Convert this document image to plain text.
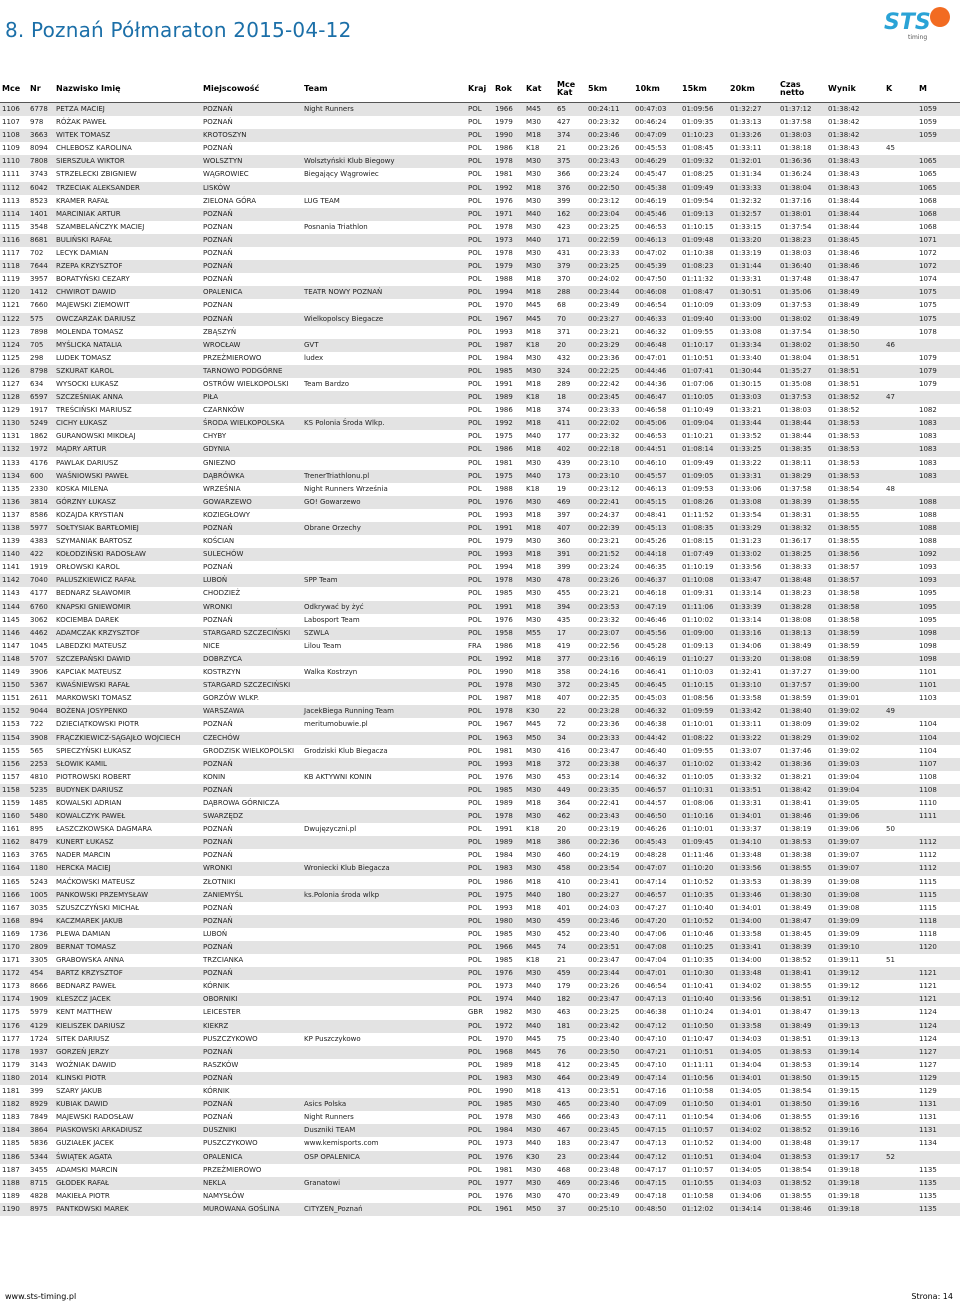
8. Poznań Półmaraton 2015-04-12	STS
timing
Mce	Nr	Nazwisko Imię	Miejscowość	Team	Kraj	Rok	Kat	Mce Kat	5km	10km	15km	20km	Czas netto	Wynik	K	M
1106	6778	PETZA MACIEJ	POZNAŃ	Night Runners	POL	1966	M45	65	00:24:11	00:47:03	01:09:56	01:32:27	01:37:12	01:38:42		1059
1107	978	RÓŻAK PAWEŁ	POZNAŃ		POL	1979	M30	427	00:23:32	00:46:24	01:09:35	01:33:13	01:37:58	01:38:42		1059
1108	3663	WITEK TOMASZ	KROTOSZYN		POL	1990	M18	374	00:23:46	00:47:09	01:10:23	01:33:26	01:38:03	01:38:42		1059
1109	8094	CHLEBOSZ KAROLINA	POZNAŃ		POL	1986	K18	21	00:23:26	00:45:53	01:08:45	01:33:11	01:38:18	01:38:43	45	
1110	7808	SIERSZUŁA WIKTOR	WOLSZTYN	Wolsztyński Klub Biegowy	POL	1978	M30	375	00:23:43	00:46:29	01:09:32	01:32:01	01:36:36	01:38:43		1065
1111	3743	STRZELECKI ZBIGNIEW	WĄGROWIEC	Biegający Wągrowiec	POL	1981	M30	366	00:23:24	00:45:47	01:08:25	01:31:34	01:36:24	01:38:43		1065
1112	6042	TRZECIAK ALEKSANDER	LISKÓW		POL	1992	M18	376	00:22:50	00:45:38	01:09:49	01:33:33	01:38:04	01:38:43		1065
1113	8523	KRAMER RAFAŁ	ZIELONA GÓRA	LUG TEAM	POL	1976	M30	399	00:23:12	00:46:19	01:09:54	01:32:32	01:37:16	01:38:44		1068
1114	1401	MARCINIAK ARTUR	POZNAŃ		POL	1971	M40	162	00:23:04	00:45:46	01:09:13	01:32:57	01:38:01	01:38:44		1068
1115	3548	SZAMBELAŃCZYK MACIEJ	POZNAN	Posnania Triathlon	POL	1978	M30	423	00:23:25	00:46:53	01:10:15	01:33:15	01:37:54	01:38:44		1068
1116	8681	BULIŃSKI RAFAŁ	POZNAŃ		POL	1973	M40	171	00:22:59	00:46:13	01:09:48	01:33:20	01:38:23	01:38:45		1071
1117	702	LECYK DAMIAN	POZNAŃ		POL	1978	M30	431	00:23:33	00:47:02	01:10:38	01:33:19	01:38:03	01:38:46		1072
1118	7644	RZEPA KRZYSZTOF	POZNAŃ		POL	1979	M30	379	00:23:25	00:45:39	01:08:23	01:31:44	01:36:40	01:38:46		1072
1119	3957	BORATYŃSKI CEZARY	POZNAŃ		POL	1988	M18	370	00:24:02	00:47:50	01:11:32	01:33:31	01:37:48	01:38:47		1074
1120	1412	CHWIROT DAWID	OPALENICA	TEATR NOWY POZNAŃ	POL	1994	M18	288	00:23:44	00:46:08	01:08:47	01:30:51	01:35:06	01:38:49		1075
1121	7660	MAJEWSKI ZIEMOWIT	POZNAN		POL	1970	M45	68	00:23:49	00:46:54	01:10:09	01:33:09	01:37:53	01:38:49		1075
1122	575	OWCZARZAK DARIUSZ	POZNAŃ	Wielkopolscy Biegacze	POL	1967	M45	70	00:23:27	00:46:33	01:09:40	01:33:00	01:38:02	01:38:49		1075
1123	7898	MOLENDA TOMASZ	ZBĄSZYŃ		POL	1993	M18	371	00:23:21	00:46:32	01:09:55	01:33:08	01:37:54	01:38:50		1078
1124	705	MYŚLICKA NATALIA	WROCŁAW	GVT	POL	1987	K18	20	00:23:29	00:46:48	01:10:17	01:33:34	01:38:02	01:38:50	46	
1125	298	LUDEK TOMASZ	PRZEŹMIEROWO	ludex	POL	1984	M30	432	00:23:36	00:47:01	01:10:51	01:33:40	01:38:04	01:38:51		1079
1126	8798	SZKURAT KAROL	TARNOWO PODGÓRNE		POL	1985	M30	324	00:22:25	00:44:46	01:07:41	01:30:44	01:35:27	01:38:51		1079
1127	634	WYSOCKI ŁUKASZ	OSTRÓW WIELKOPOLSKI	Team Bardzo	POL	1991	M18	289	00:22:42	00:44:36	01:07:06	01:30:15	01:35:08	01:38:51		1079
1128	6597	SZCZEŚNIAK ANNA	PIŁA		POL	1989	K18	18	00:23:45	00:46:47	01:10:05	01:33:03	01:37:53	01:38:52	47	
1129	1917	TREŚCIŃSKI MARIUSZ	CZARNKÓW		POL	1986	M18	374	00:23:33	00:46:58	01:10:49	01:33:21	01:38:03	01:38:52		1082
1130	5249	CICHY ŁUKASZ	ŚRODA WIELKOPOLSKA	KS Polonia Środa Wlkp.	POL	1992	M18	411	00:22:02	00:45:06	01:09:04	01:33:44	01:38:44	01:38:53		1083
1131	1862	GURANOWSKI MIKOŁAJ	CHYBY		POL	1975	M40	177	00:23:32	00:46:53	01:10:21	01:33:52	01:38:44	01:38:53		1083
1132	1972	MĄDRY ARTUR	GDYNIA		POL	1986	M18	402	00:22:18	00:44:51	01:08:14	01:33:25	01:38:35	01:38:53		1083
1133	4176	PAWLAK DARIUSZ	GNIEZNO		POL	1981	M30	439	00:23:10	00:46:10	01:09:49	01:33:22	01:38:11	01:38:53		1083
1134	600	WAŚNIOWSKI PAWEŁ	DĄBRÓWKA	TrenerTriathlonu.pl	POL	1975	M40	173	00:23:10	00:45:57	01:09:05	01:33:31	01:38:29	01:38:53		1083
1135	2330	KOSKA MILENA	WRZEŚNIA	Night Runners Września	POL	1988	K18	19	00:23:12	00:46:13	01:09:53	01:33:06	01:37:58	01:38:54	48	
1136	3814	GÓRZNY ŁUKASZ	GOWARZEWO	GO! Gowarzewo	POL	1976	M30	469	00:22:41	00:45:15	01:08:26	01:33:08	01:38:39	01:38:55		1088
1137	8586	KOZAJDA KRYSTIAN	KOZIEGŁOWY		POL	1993	M18	397	00:24:37	00:48:41	01:11:52	01:33:54	01:38:31	01:38:55		1088
1138	5977	SOŁTYSIAK BARTŁOMIEJ	POZNAŃ	Obrane Orzechy	POL	1991	M18	407	00:22:39	00:45:13	01:08:35	01:33:29	01:38:32	01:38:55		1088
1139	4383	SZYMANIAK BARTOSZ	KOŚCIAN		POL	1979	M30	360	00:23:21	00:45:26	01:08:15	01:31:23	01:36:17	01:38:55		1088
1140	422	KOŁODZIŃSKI RADOSŁAW	SULECHÓW		POL	1993	M18	391	00:21:52	00:44:18	01:07:49	01:33:02	01:38:25	01:38:56		1092
1141	1919	ORŁOWSKI KAROL	POZNAŃ		POL	1994	M18	399	00:23:24	00:46:35	01:10:19	01:33:56	01:38:33	01:38:57		1093
1142	7040	PALUSZKIEWICZ RAFAŁ	LUBOŃ	SPP Team	POL	1978	M30	478	00:23:26	00:46:37	01:10:08	01:33:47	01:38:48	01:38:57		1093
1143	4177	BEDNARZ SŁAWOMIR	CHODZIEŻ		POL	1985	M30	455	00:23:21	00:46:18	01:09:31	01:33:14	01:38:23	01:38:58		1095
1144	6760	KNAPSKI GNIEWOMIR	WRONKI	Odkrywać by żyć	POL	1991	M18	394	00:23:53	00:47:19	01:11:06	01:33:39	01:38:28	01:38:58		1095
1145	3062	KOCIEMBA DAREK	POZNAŃ	Labosport Team	POL	1976	M30	435	00:23:32	00:46:46	01:10:02	01:33:14	01:38:08	01:38:58		1095
1146	4462	ADAMCZAK KRZYSZTOF	STARGARD SZCZECIŃSKI	SZWLA	POL	1958	M55	17	00:23:07	00:45:56	01:09:00	01:33:16	01:38:13	01:38:59		1098
1147	1045	LABEDZKI MATEUSZ	NICE	Lilou Team	FRA	1986	M18	419	00:22:56	00:45:28	01:09:13	01:34:06	01:38:49	01:38:59		1098
1148	5707	SZCZEPAŃSKI DAWID	DOBRZYCA		POL	1992	M18	377	00:23:16	00:46:19	01:10:27	01:33:20	01:38:08	01:38:59		1098
1149	3906	KAPCIAK MATEUSZ	KOSTRZYN	Walka Kostrzyn	POL	1990	M18	358	00:24:16	00:46:41	01:10:03	01:32:41	01:37:27	01:39:00		1101
1150	5367	KWAŚNIEWSKI RAFAŁ	STARGARD SZCZECIŃSKI		POL	1978	M30	372	00:23:45	00:46:45	01:10:15	01:33:10	01:37:57	01:39:00		1101
1151	2611	MARKOWSKI TOMASZ	GORZÓW WLKP.		POL	1987	M18	407	00:22:35	00:45:03	01:08:56	01:33:58	01:38:59	01:39:01		1103
1152	9044	BOŻENA JOSYPENKO	WARSZAWA	JacekBiega Running Team	POL	1978	K30	22	00:23:28	00:46:32	01:09:59	01:33:42	01:38:40	01:39:02	49	
1153	722	DZIECIĄTKOWSKI PIOTR	POZNAŃ	meritumobuwie.pl	POL	1967	M45	72	00:23:36	00:46:38	01:10:01	01:33:11	01:38:09	01:39:02		1104
1154	3908	FRĄCZKIEWICZ-SĄGAJŁO WOJCIECH	CZECHÓW		POL	1963	M50	34	00:23:33	00:44:42	01:08:22	01:33:22	01:38:29	01:39:02		1104
1155	565	SPIECZYŃSKI ŁUKASZ	GRODZISK WIELKOPOLSKI	Grodziski Klub Biegacza	POL	1981	M30	416	00:23:47	00:46:40	01:09:55	01:33:07	01:37:46	01:39:02		1104
1156	2253	SŁOWIK KAMIL	POZNAŃ		POL	1993	M18	372	00:23:38	00:46:37	01:10:02	01:33:42	01:38:36	01:39:03		1107
1157	4810	PIOTROWSKI ROBERT	KONIN	KB AKTYWNI KONIN	POL	1976	M30	453	00:23:14	00:46:32	01:10:05	01:33:32	01:38:21	01:39:04		1108
1158	5235	BUDYNEK DARIUSZ	POZNAŃ		POL	1985	M30	449	00:23:35	00:46:57	01:10:31	01:33:51	01:38:42	01:39:04		1108
1159	1485	KOWALSKI ADRIAN	DĄBROWA GÓRNICZA		POL	1989	M18	364	00:22:41	00:44:57	01:08:06	01:33:31	01:38:41	01:39:05		1110
1160	5480	KOWALCZYK PAWEŁ	SWARZĘDZ		POL	1978	M30	462	00:23:43	00:46:50	01:10:16	01:34:01	01:38:46	01:39:06		1111
1161	895	ŁASZCZKOWSKA DAGMARA	POZNAŃ	Dwujęzyczni.pl	POL	1991	K18	20	00:23:19	00:46:26	01:10:01	01:33:37	01:38:19	01:39:06	50	
1162	8479	KUNERT ŁUKASZ	POZNAŃ		POL	1989	M18	386	00:22:36	00:45:43	01:09:45	01:34:10	01:38:53	01:39:07		1112
1163	3765	NADER MARCIN	POZNAŃ		POL	1984	M30	460	00:24:19	00:48:28	01:11:46	01:33:48	01:38:38	01:39:07		1112
1164	1180	HERCKA MACIEJ	WRONKI	Wroniecki Klub Biegacza	POL	1983	M30	458	00:23:54	00:47:07	01:10:20	01:33:56	01:38:55	01:39:07		1112
1165	5243	MAĆKOWSKI MATEUSZ	ZŁOTNIKI		POL	1986	M18	410	00:23:41	00:47:14	01:10:52	01:33:53	01:38:39	01:39:08		1115
1166	1005	PANKOWSKI PRZEMYSŁAW	ZANIEMYŚL	ks.Polonia środa wlkp	POL	1975	M40	180	00:23:27	00:46:57	01:10:35	01:33:46	01:38:30	01:39:08		1115
1167	3035	SZUSZCZYŃSKI MICHAŁ	POZNAŃ		POL	1993	M18	401	00:24:03	00:47:27	01:10:40	01:34:01	01:38:49	01:39:08		1115
1168	894	KACZMAREK JAKUB	POZNAŃ		POL	1980	M30	459	00:23:46	00:47:20	01:10:52	01:34:00	01:38:47	01:39:09		1118
1169	1736	PLEWA DAMIAN	LUBOŃ		POL	1985	M30	452	00:23:40	00:47:06	01:10:46	01:33:58	01:38:45	01:39:09		1118
1170	2809	BERNAT TOMASZ	POZNAŃ		POL	1966	M45	74	00:23:51	00:47:08	01:10:25	01:33:41	01:38:39	01:39:10		1120
1171	3305	GRABOWSKA ANNA	TRZCIANKA		POL	1985	K18	21	00:23:47	00:47:04	01:10:35	01:34:00	01:38:52	01:39:11	51	
1172	454	BARTZ KRZYSZTOF	POZNAŃ		POL	1976	M30	459	00:23:44	00:47:01	01:10:30	01:33:48	01:38:41	01:39:12		1121
1173	8666	BEDNARZ PAWEŁ	KÓRNIK		POL	1973	M40	179	00:23:26	00:46:54	01:10:41	01:34:02	01:38:55	01:39:12		1121
1174	1909	KLESZCZ JACEK	OBORNIKI		POL	1974	M40	182	00:23:47	00:47:13	01:10:40	01:33:56	01:38:51	01:39:12		1121
1175	5979	KENT MATTHEW	LEICESTER		GBR	1982	M30	463	00:23:25	00:46:38	01:10:24	01:34:01	01:38:47	01:39:13		1124
1176	4129	KIELISZEK DARIUSZ	KIEKRZ		POL	1972	M40	181	00:23:42	00:47:12	01:10:50	01:33:58	01:38:49	01:39:13		1124
1177	1724	SITEK DARIUSZ	PUSZCZYKOWO	KP Puszczykowo	POL	1970	M45	75	00:23:40	00:47:10	01:10:47	01:34:03	01:38:51	01:39:13		1124
1178	1937	GORZEŃ JERZY	POZNAŃ		POL	1968	M45	76	00:23:50	00:47:21	01:10:51	01:34:05	01:38:53	01:39:14		1127
1179	3143	WOŹNIAK DAWID	RASZKÓW		POL	1989	M18	412	00:23:45	00:47:10	01:11:11	01:34:04	01:38:53	01:39:14		1127
1180	2014	KLINSKI PIOTR	POZNAŃ		POL	1983	M30	464	00:23:49	00:47:14	01:10:56	01:34:01	01:38:50	01:39:15		1129
1181	399	SZARY JAKUB	KÓRNIK		POL	1990	M18	413	00:23:51	00:47:16	01:10:58	01:34:05	01:38:54	01:39:15		1129
1182	8929	KUBIAK DAWID	POZNAŃ	Asics Polska	POL	1985	M30	465	00:23:40	00:47:09	01:10:50	01:34:01	01:38:50	01:39:16		1131
1183	7849	MAJEWSKI RADOSŁAW	POZNAŃ	Night Runners	POL	1978	M30	466	00:23:43	00:47:11	01:10:54	01:34:06	01:38:55	01:39:16		1131
1184	3864	PIASKOWSKI ARKADIUSZ	DUSZNIKI	Duszniki TEAM	POL	1984	M30	467	00:23:45	00:47:15	01:10:57	01:34:02	01:38:52	01:39:16		1131
1185	5836	GUZIAŁEK JACEK	PUSZCZYKOWO	www.kemisports.com	POL	1973	M40	183	00:23:47	00:47:13	01:10:52	01:34:00	01:38:48	01:39:17		1134
1186	5344	ŚWIĄTEK AGATA	OPALENICA	OSP OPALENICA	POL	1976	K30	23	00:23:44	00:47:12	01:10:51	01:34:04	01:38:53	01:39:17	52	
1187	3455	ADAMSKI MARCIN	PRZEŹMIEROWO		POL	1981	M30	468	00:23:48	00:47:17	01:10:57	01:34:05	01:38:54	01:39:18		1135
1188	8715	GŁODEK RAFAŁ	NEKLA	Granatowi	POL	1977	M30	469	00:23:46	00:47:15	01:10:55	01:34:03	01:38:52	01:39:18		1135
1189	4828	MAKIEŁA PIOTR	NAMYSŁÓW		POL	1976	M30	470	00:23:49	00:47:18	01:10:58	01:34:06	01:38:55	01:39:18		1135
1190	8975	PANTKOWSKI MAREK	MUROWANA GOŚLINA	CITYZEN_Poznań	POL	1961	M50	37	00:25:10	00:48:50	01:12:02	01:34:14	01:38:46	01:39:18		1135
www.sts-timing.pl	Strona: 14
